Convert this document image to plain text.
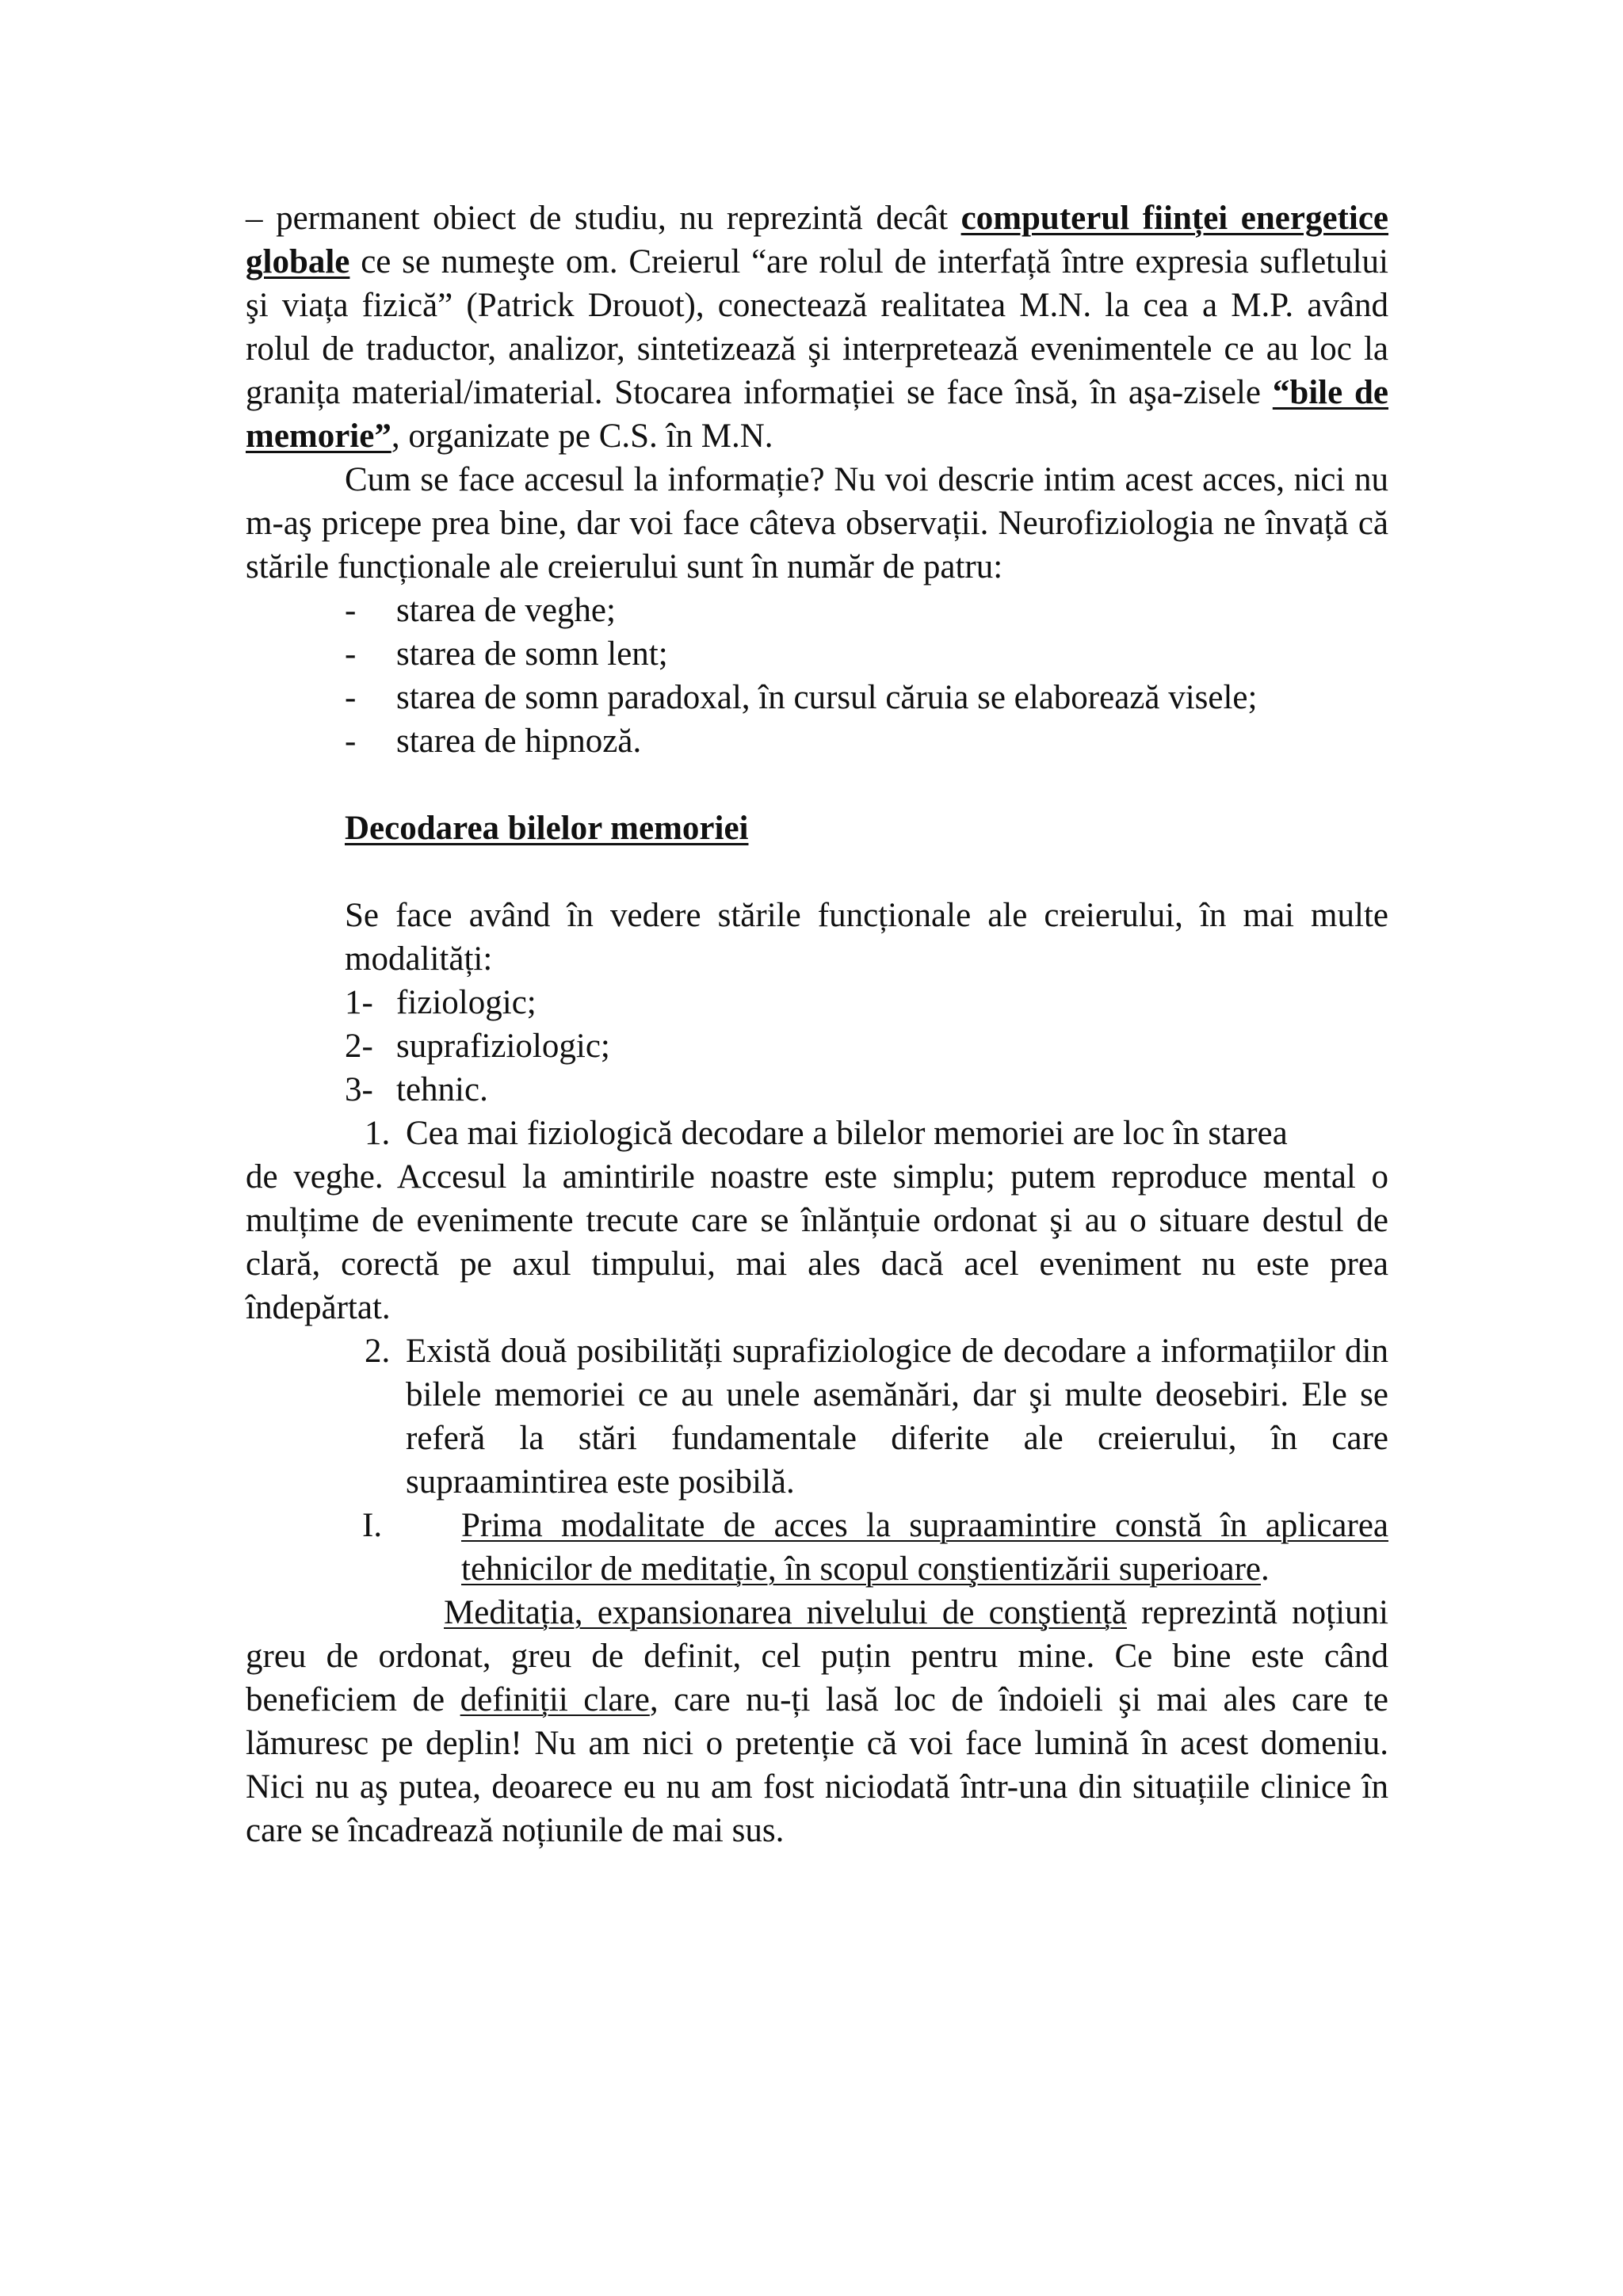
– permanent obiect de studiu, nu reprezintă decât computerul ființei energetice globale ce se numeşte om. Creierul “are rolul de interfață între expresia sufletului şi viața fizică” (Patrick Drouot), conectează realitatea M.N. la cea a M.P. având rolul de traductor, analizor, sintetizează şi interpretează evenimentele ce au loc la granița material/imaterial. Stocarea informației se face însă, în aşa-zisele “bile de memorie”, organizate pe C.S. în M.N.

Cum se face accesul la informație? Nu voi descrie intim acest acces, nici nu m-aş pricepe prea bine, dar voi face câteva observații. Neurofiziologia ne învață că stările funcționale ale creierului sunt în număr de patru:

-	starea de veghe;
-	starea de somn lent;
-	starea de somn paradoxal, în cursul căruia se elaborează visele;
-	starea de hipnoză.
Decodarea bilelor memoriei

Se face având în vedere stările funcționale ale creierului, în mai multe modalități:

1- fiziologic;
2- suprafiziologic;
3- tehnic.
1. Cea mai fiziologică decodare a bilelor memoriei are loc în starea

de veghe. Accesul la amintirile noastre este simplu; putem reproduce mental o mulțime de evenimente trecute care se înlănțuie ordonat şi au o situare destul de clară, corectă pe axul timpului, mai ales dacă acel eveniment nu este prea îndepărtat.

2. Există două posibilități suprafiziologice de decodare a informațiilor din bilele memoriei ce au unele asemănări, dar şi multe deosebiri. Ele se referă la stări fundamentale diferite ale creierului, în care supraamintirea este posibilă.
I. Prima modalitate de acces la supraamintire constă în aplicarea tehnicilor de meditație, în scopul conştientizării superioare.

Meditația, expansionarea nivelului de conştiență reprezintă noțiuni greu de ordonat, greu de definit, cel puțin pentru mine. Ce bine este când beneficiem de definiții clare, care nu-ți lasă loc de îndoieli şi mai ales care te lămuresc pe deplin! Nu am nici o pretenție că voi face lumină în acest domeniu. Nici nu aş putea, deoarece eu nu am fost niciodată într-una din situațiile clinice în care se încadrează noțiunile de mai sus.
